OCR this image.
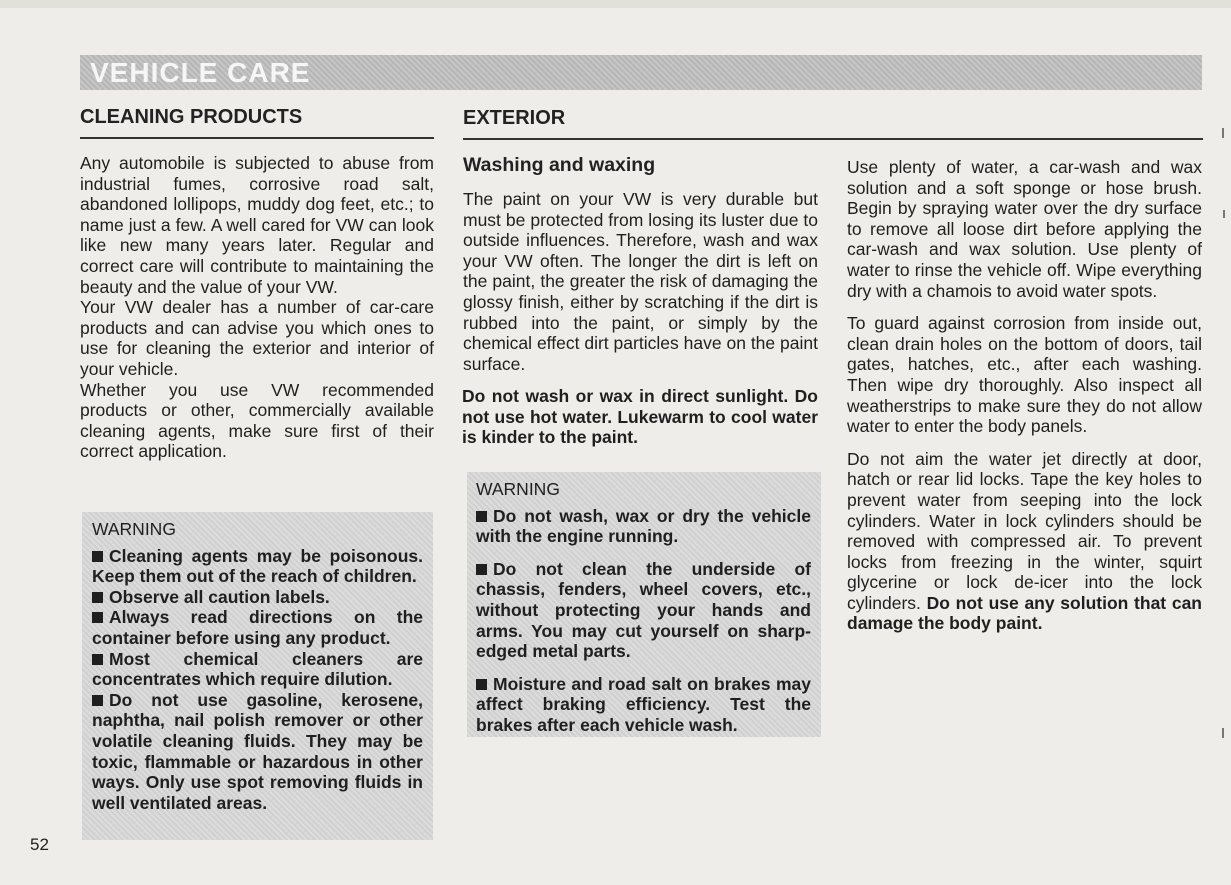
VEHICLE CARE
CLEANING PRODUCTS

Any automobile is subjected to abuse from industrial fumes, corrosive road salt, abandoned lollipops, muddy dog feet, etc.; to name just a few. A well cared for VW can look like new many years later. Regular and correct care will contribute to maintaining the beauty and the value of your VW.

Your VW dealer has a number of car-care products and can advise you which ones to use for cleaning the exterior and interior of your vehicle.

Whether you use VW recommended products or other, commercially available cleaning agents, make sure first of their correct application.

WARNING

Cleaning agents may be poisonous. Keep them out of the reach of children.

Observe all caution labels.

Always read directions on the container before using any product.

Most chemical cleaners are concentrates which require dilution.

Do not use gasoline, kerosene, naphtha, nail polish remover or other volatile cleaning fluids. They may be toxic, flammable or hazardous in other ways. Only use spot removing fluids in well ventilated areas.

EXTERIOR
Washing and waxing

The paint on your VW is very durable but must be protected from losing its luster due to outside influences. Therefore, wash and wax your VW often. The longer the dirt is left on the paint, the greater the risk of damaging the glossy finish, either by scratching if the dirt is rubbed into the paint, or simply by the chemical effect dirt particles have on the paint surface.

Do not wash or wax in direct sunlight. Do not use hot water. Lukewarm to cool water is kinder to the paint.
WARNING

Do not wash, wax or dry the vehicle with the engine running.

Do not clean the underside of chassis, fenders, wheel covers, etc., without protecting your hands and arms. You may cut yourself on sharp-edged metal parts.

Moisture and road salt on brakes may affect braking efficiency. Test the brakes after each vehicle wash.

Use plenty of water, a car-wash and wax solution and a soft sponge or hose brush. Begin by spraying water over the dry surface to remove all loose dirt before applying the car-wash and wax solution. Use plenty of water to rinse the vehicle off. Wipe everything dry with a chamois to avoid water spots.

To guard against corrosion from inside out, clean drain holes on the bottom of doors, tail gates, hatches, etc., after each washing. Then wipe dry thoroughly. Also inspect all weatherstrips to make sure they do not allow water to enter the body panels.

Do not aim the water jet directly at door, hatch or rear lid locks. Tape the key holes to prevent water from seeping into the lock cylinders. Water in lock cylinders should be removed with compressed air. To prevent locks from freezing in the winter, squirt glycerine or lock de-icer into the lock cylinders. Do not use any solution that can damage the body paint.

52
